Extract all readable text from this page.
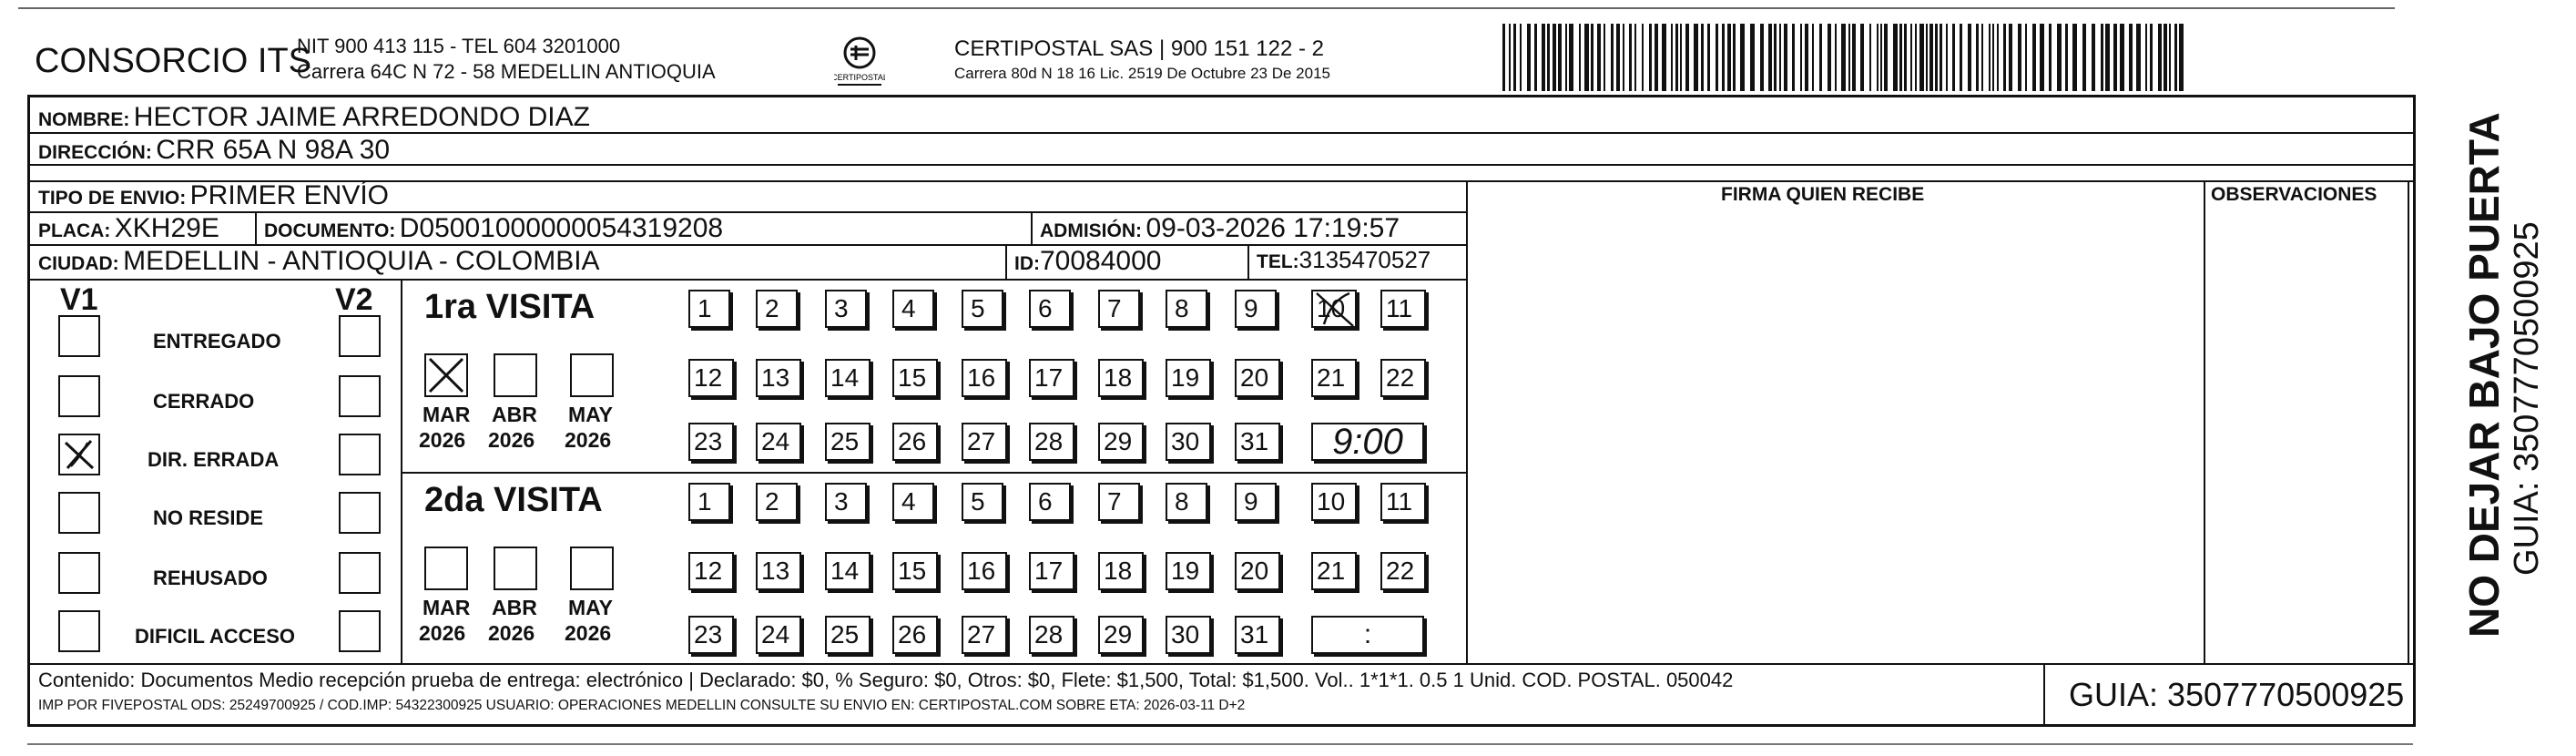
CONSORCIO ITS
NIT 900 413 115 - TEL 604 3201000
Carrera 64C N 72 - 58 MEDELLIN ANTIOQUIA	CERTIPOSTAL
CERTIPOSTAL SAS | 900 151 122 - 2
Carrera 80d N 18 16 Lic. 2519 De Octubre 23 De 2015
NOMBRE: HECTOR JAIME ARREDONDO DIAZ
DIRECCIÓN: CRR 65A N 98A 30
TIPO DE ENVIO: PRIMER ENVÍO	FIRMA QUIEN RECIBE	OBSERVACIONES
PLACA: XKH29E DOCUMENTO: D05001000000054319208	ADMISIÓN: 09-03-2026 17:19:57
CIUDAD: MEDELLIN - ANTIOQUIA - COLOMBIA	ID:70084000	TEL:3135470527
V1	V2
ENTREGADO
CERRADO
DIR. ERRADA
NO RESIDE
REHUSADO
DIFICIL ACCESO
1ra VISITA
MAR
2026
ABR
2026
MAY
2026
1	2	3	4	5	6	7	8	9	10	11
12	13	14	15	16	17	18	19	20	21	22
23	24	25	26	27	28	29	30	31	9:00
2da VISITA
MAR
2026
ABR
2026
MAY
2026
1	2	3	4	5	6	7	8	9	10	11
12	13	14	15	16	17	18	19	20	21	22
23	24	25	26	27	28	29	30	31	:
Contenido: Documentos Medio recepción prueba de entrega: electrónico | Declarado: $0, % Seguro: $0, Otros: $0, Flete: $1,500, Total: $1,500. Vol.. 1*1*1. 0.5 1 Unid. COD. POSTAL. 050042
IMP POR FIVEPOSTAL ODS: 25249700925 / COD.IMP: 54322300925 USUARIO: OPERACIONES MEDELLIN CONSULTE SU ENVIO EN: CERTIPOSTAL.COM SOBRE ETA: 2026-03-11 D+2	GUIA: 3507770500925
NO DEJAR BAJO PUERTA GUIA: 3507770500925
